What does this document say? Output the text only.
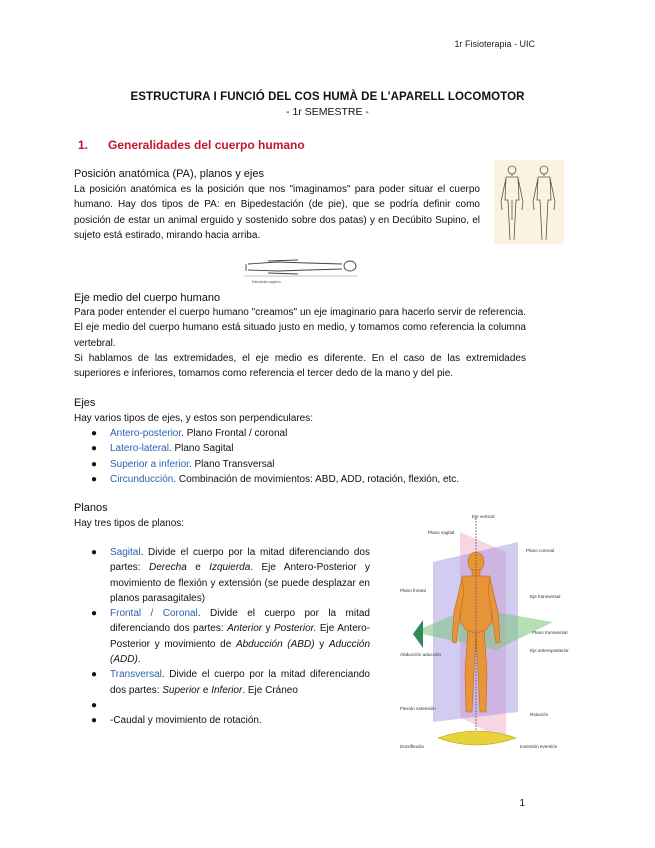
1r Fisioterapia - UIC
ESTRUCTURA I FUNCIÓ DEL COS HUMÀ DE L'APARELL LOCOMOTOR
- 1r SEMESTRE -
1. Generalidades del cuerpo humano
Posición anatómica (PA), planos y ejes
La posición anatómica es la posición que nos "imaginamos" para poder situar el cuerpo humano. Hay dos tipos de PA: en Bipedestación (de pie), que se podría definir como posición de estar un animal erguido y sostenido sobre dos patas) y en Decúbito Supino, el sujeto está estirado, mirando hacia arriba.
Decúbito supino
Eje medio del cuerpo humano
Para poder entender el cuerpo humano "creamos" un eje imaginario para hacerlo servir de referencia. El eje medio del cuerpo humano está situado justo en medio, y tomamos como referencia la columna vertebral.
Si hablamos de las extremidades, el eje medio es diferente. En el caso de las extremidades superiores e inferiores, tomamos como referencia el tercer dedo de la mano y del pie.
Ejes
Hay varios tipos de ejes, y estos son perpendiculares:
● Antero-posterior. Plano Frontal / coronal
● Latero-lateral. Plano Sagital
● Superior a inferior. Plano Transversal
● Circunducción. Combinación de movimientos: ABD, ADD, rotación, flexión, etc.
Planos
Hay tres tipos de planos:
● Sagital. Divide el cuerpo por la mitad diferenciando dos partes: Derecha e Izquierda. Eje Antero-Posterior y movimiento de flexión y extensión (se puede desplazar en planos parasagitales)
● Frontal / Coronal. Divide el cuerpo por la mitad diferenciando dos partes: Anterior y Posterior. Eje Antero-Posterior y movimiento de Abducción (ABD) y Aducción (ADD).
● Transversal. Divide el cuerpo por la mitad diferenciando dos partes: Superior e Inferior. Eje Cráneo
●
● -Caudal y movimiento de rotación.
Eje vertical
Plano sagital
Plano coronal
Plano frontal
Eje transversal
Plano transversal
Eje anteroposterior
Abducción aducción
Flexión extensión
Rotación
Dorsiflexión	Inversión eversión
1
